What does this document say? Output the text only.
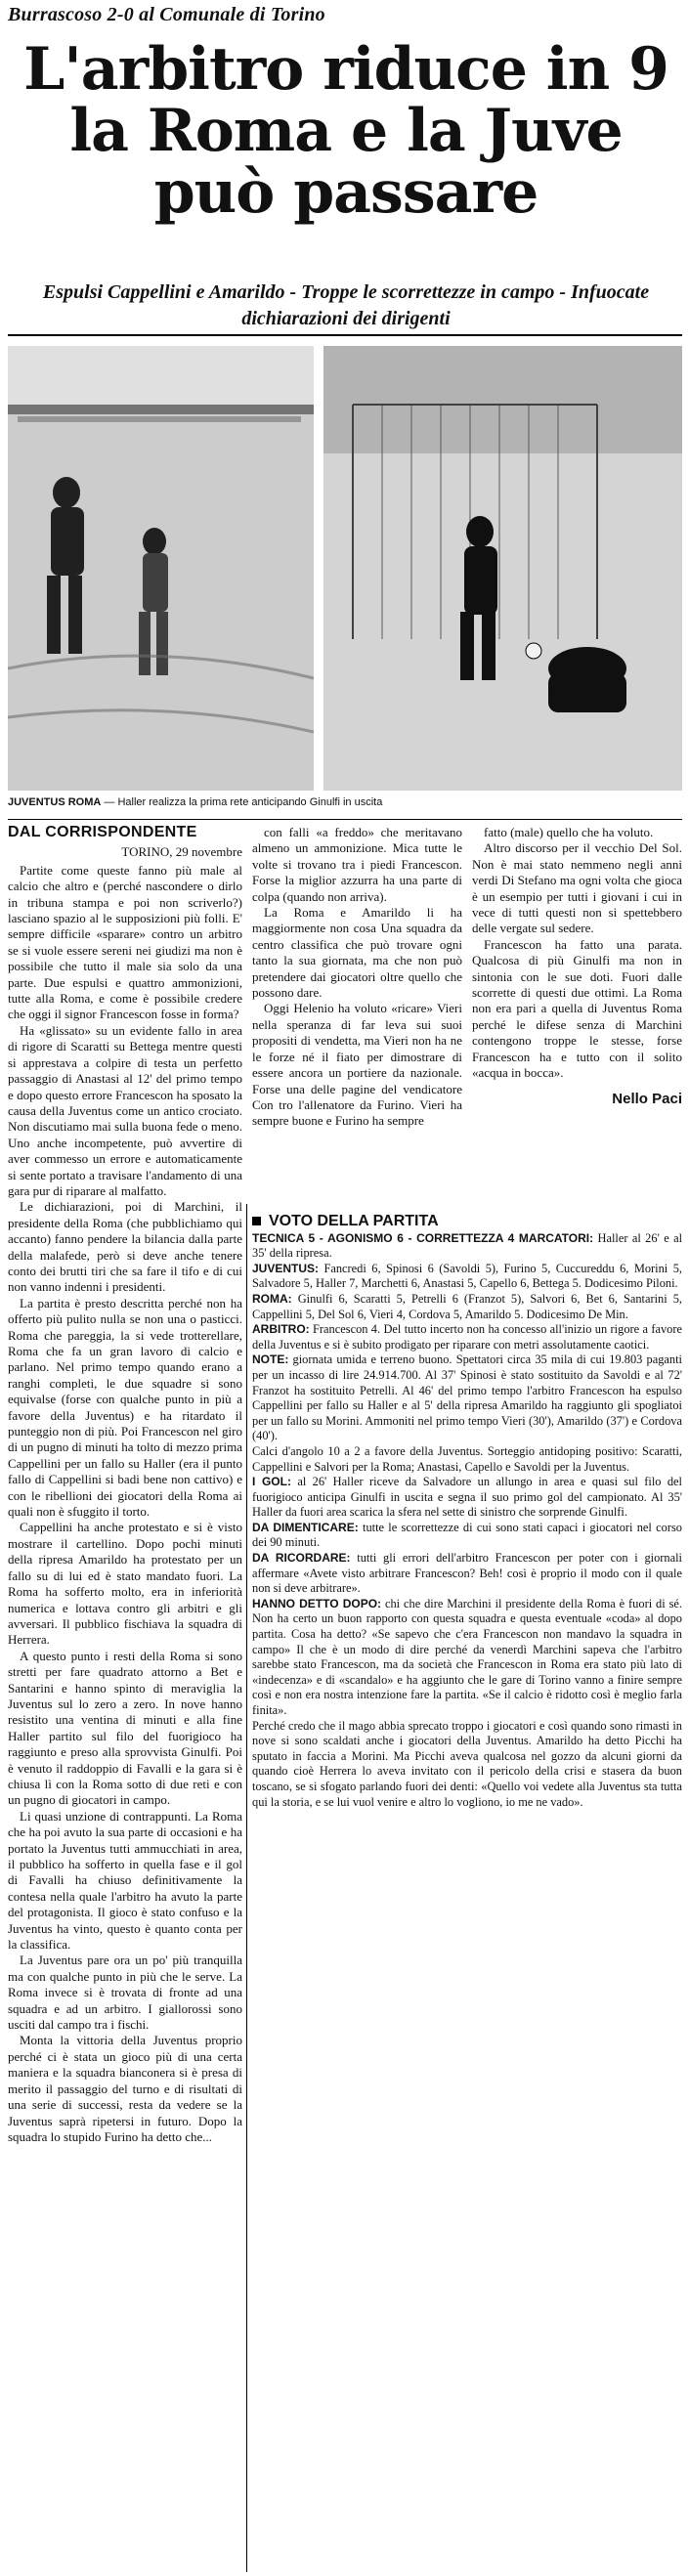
Burrascoso 2-0 al Comunale di Torino
L'arbitro riduce in 9 la Roma e la Juve può passare
Espulsi Cappellini e Amarildo - Troppe le scorrettezze in campo - Infuocate dichiarazioni dei dirigenti
JUVENTUS ROMA — Haller realizza la prima rete anticipando Ginulfi in uscita
DAL CORRISPONDENTE
TORINO, 29 novembre

Partite come queste fanno più male al calcio che altro e (perché nascondere o dirlo in tribuna stampa e poi non scriverlo?) lasciano spazio al le supposizioni più folli. E' sempre difficile «sparare» contro un arbitro se si vuole essere sereni nei giudizi ma non è possibile che tutto il male sia solo da una parte. Due espulsi e quattro ammonizioni, tutte alla Roma, e come è possibile credere che oggi il signor Francescon fosse in forma?

Ha «glissato» su un evidente fallo in area di rigore di Scaratti su Bettega mentre questi si apprestava a colpire di testa un perfetto passaggio di Anastasi al 12' del primo tempo e dopo questo errore Francescon ha sposato la causa della Juventus come un antico crociato. Non discutiamo mai sulla buona fede o meno. Uno anche incompetente, può avvertire di aver commesso un errore e automaticamente si sente portato a travisare l'andamento di una gara pur di riparare al malfatto.

Le dichiarazioni, poi di Marchini, il presidente della Roma (che pubblichiamo qui accanto) fanno pendere la bilancia dalla parte della malafede, però si deve anche tenere conto dei brutti tiri che sa fare il tifo e di cui non vanno indenni i presidenti.

La partita è presto descritta perché non ha offerto più pulito nulla se non una o pasticci. Roma che pareggia, la si vede trotterellare, Roma che fa un gran lavoro di calcio e parlano. Nel primo tempo quando erano a ranghi completi, le due squadre si sono equivalse (forse con qualche punto in più a favore della Juventus) e ha ritardato il punteggio non di più. Poi Francescon nel giro di un pugno di minuti ha tolto di mezzo prima Cappellini per un fallo su Haller (era il punto fallo di Cappellini si badi bene non cattivo) e con le ribellioni dei giocatori della Roma ai quali non è sfuggito il torto.

Cappellini ha anche protestato e si è visto mostrare il cartellino. Dopo pochi minuti della ripresa Amarildo ha protestato per un fallo su di lui ed è stato mandato fuori. La Roma ha sofferto molto, era in inferiorità numerica e lottava contro gli arbitri e gli avversari. Il pubblico fischiava la squadra di Herrera.

A questo punto i resti della Roma si sono stretti per fare quadrato attorno a Bet e Santarini e hanno spinto di meraviglia la Juventus sul lo zero a zero. In nove hanno resistito una ventina di minuti e alla fine Haller partito sul filo del fuorigioco ha raggiunto e preso alla sprovvista Ginulfi. Poi è venuto il raddoppio di Favalli e la gara si è chiusa lì con la Roma sotto di due reti e con un pugno di giocatori in campo.

Li quasi unzione di contrappunti. La Roma che ha poi avuto la sua parte di occasioni e ha portato la Juventus tutti ammucchiati in area, il pubblico ha sofferto in quella fase e il gol di Favalli ha chiuso definitivamente la contesa nella quale l'arbitro ha avuto la parte del protagonista. Il gioco è stato confuso e la Juventus ha vinto, questo è quanto conta per la classifica.

La Juventus pare ora un po' più tranquilla ma con qualche punto in più che le serve. La Roma invece si è trovata di fronte ad una squadra e ad un arbitro. I giallorossi sono usciti dal campo tra i fischi.

Monta la vittoria della Juventus proprio perché ci è stata un gioco più di una certa maniera e la squadra bianconera si è presa di merito il passaggio del turno e di risultati di una serie di successi, resta da vedere se la Juventus saprà ripetersi in futuro. Dopo la squadra lo stupido Furino ha detto che...

con falli «a freddo» che meritavano almeno un ammonizione. Mica tutte le volte si trovano tra i piedi Francescon. Forse la miglior azzurra ha una parte di colpa (quando non arriva).

La Roma e Amarildo li ha maggiormente non cosa Una squadra da centro classifica che può trovare ogni tanto la sua giornata, ma che non può pretendere dai giocatori oltre quello che possono dare.

Oggi Helenio ha voluto «ricare» Vieri nella speranza di far leva sui suoi propositi di vendetta, ma Vieri non ha ne le forze né il fiato per dimostrare di essere ancora un portiere da nazionale. Forse una delle pagine del vendicatore Con tro l'allenatore da Furino. Vieri ha sempre buone e Furino ha sempre

fatto (male) quello che ha voluto.

Altro discorso per il vecchio Del Sol. Non è mai stato nemmeno negli anni verdi Di Stefano ma ogni volta che gioca è un esempio per tutti i giovani i cui in vece di tutti questi non si spettebbero delle vergate sul sedere.

Francescon ha fatto una parata. Qualcosa di più Ginulfi ma non in sintonia con le sue doti. Fuori dalle scorrette di questi due ottimi. La Roma non era pari a quella di Juventus Roma perché le difese senza di Marchini contengono troppe le stesse, forse Francescon ha e tutto con il solito «acqua in bocca».

Nello Paci
VOTO DELLA PARTITA

TECNICA 5 - AGONISMO 6 - CORRETTEZZA 4 MARCATORI: Haller al 26' e al 35' della ripresa.

JUVENTUS: Fancredi 6, Spinosi 6 (Savoldi 5), Furino 5, Cuccureddu 6, Morini 5, Salvadore 5, Haller 7, Marchetti 6, Anastasi 5, Capello 6, Bettega 5. Dodicesimo Piloni.

ROMA: Ginulfi 6, Scaratti 5, Petrelli 6 (Franzot 5), Salvori 6, Bet 6, Santarini 5, Cappellini 5, Del Sol 6, Vieri 4, Cordova 5, Amarildo 5. Dodicesimo De Min.

ARBITRO: Francescon 4. Del tutto incerto non ha concesso all'inizio un rigore a favore della Juventus e si è subito prodigato per riparare con metri assolutamente caotici.

NOTE: giornata umida e terreno buono. Spettatori circa 35 mila di cui 19.803 paganti per un incasso di lire 24.914.700. Al 37' Spinosi è stato sostituito da Savoldi e al 72' Franzot ha sostituito Petrelli. Al 46' del primo tempo l'arbitro Francescon ha espulso Cappellini per fallo su Haller e al 5' della ripresa Amarildo ha raggiunto gli spogliatoi per un fallo su Morini. Ammoniti nel primo tempo Vieri (30'), Amarildo (37') e Cordova (40').

Calci d'angolo 10 a 2 a favore della Juventus. Sorteggio antidoping positivo: Scaratti, Cappellini e Salvori per la Roma; Anastasi, Capello e Savoldi per la Juventus.

I GOL: al 26' Haller riceve da Salvadore un allungo in area e quasi sul filo del fuorigioco anticipa Ginulfi in uscita e segna il suo primo gol del campionato. Al 35' Haller da fuori area scarica la sfera nel sette di sinistro che sorprende Ginulfi.

DA DIMENTICARE: tutte le scorrettezze di cui sono stati capaci i giocatori nel corso dei 90 minuti.

DA RICORDARE: tutti gli errori dell'arbitro Francescon per poter con i giornali affermare «Avete visto arbitrare Francescon? Beh! così è proprio il modo con il quale non si deve arbitrare».

HANNO DETTO DOPO: chi che dire Marchini il presidente della Roma è fuori di sé. Non ha certo un buon rapporto con questa squadra e questa eventuale «coda» al dopo partita. Cosa ha detto? «Se sapevo che c'era Francescon non mandavo la squadra in campo» Il che è un modo di dire perché da venerdì Marchini sapeva che l'arbitro sarebbe stato Francescon, ma da società che Francescon in Roma era stato più lato di «indecenza» e di «scandalo» e ha aggiunto che le gare di Torino vanno a finire sempre così e non era nostra intenzione fare la partita. «Se il calcio è ridotto così è meglio farla finita».

Perché credo che il mago abbia sprecato troppo i giocatori e così quando sono rimasti in nove si sono scaldati anche i giocatori della Juventus. Amarildo ha detto Picchi ha sputato in faccia a Morini. Ma Picchi aveva qualcosa nel gozzo da alcuni giorni da quando cioè Herrera lo aveva invitato con il pericolo della crisi e stasera da buon toscano, se si sfogato parlando fuori dei denti: «Quello voi vedete alla Juventus sta tutta qui la storia, e se lui vuol venire e altro lo vogliono, io me ne vado».
